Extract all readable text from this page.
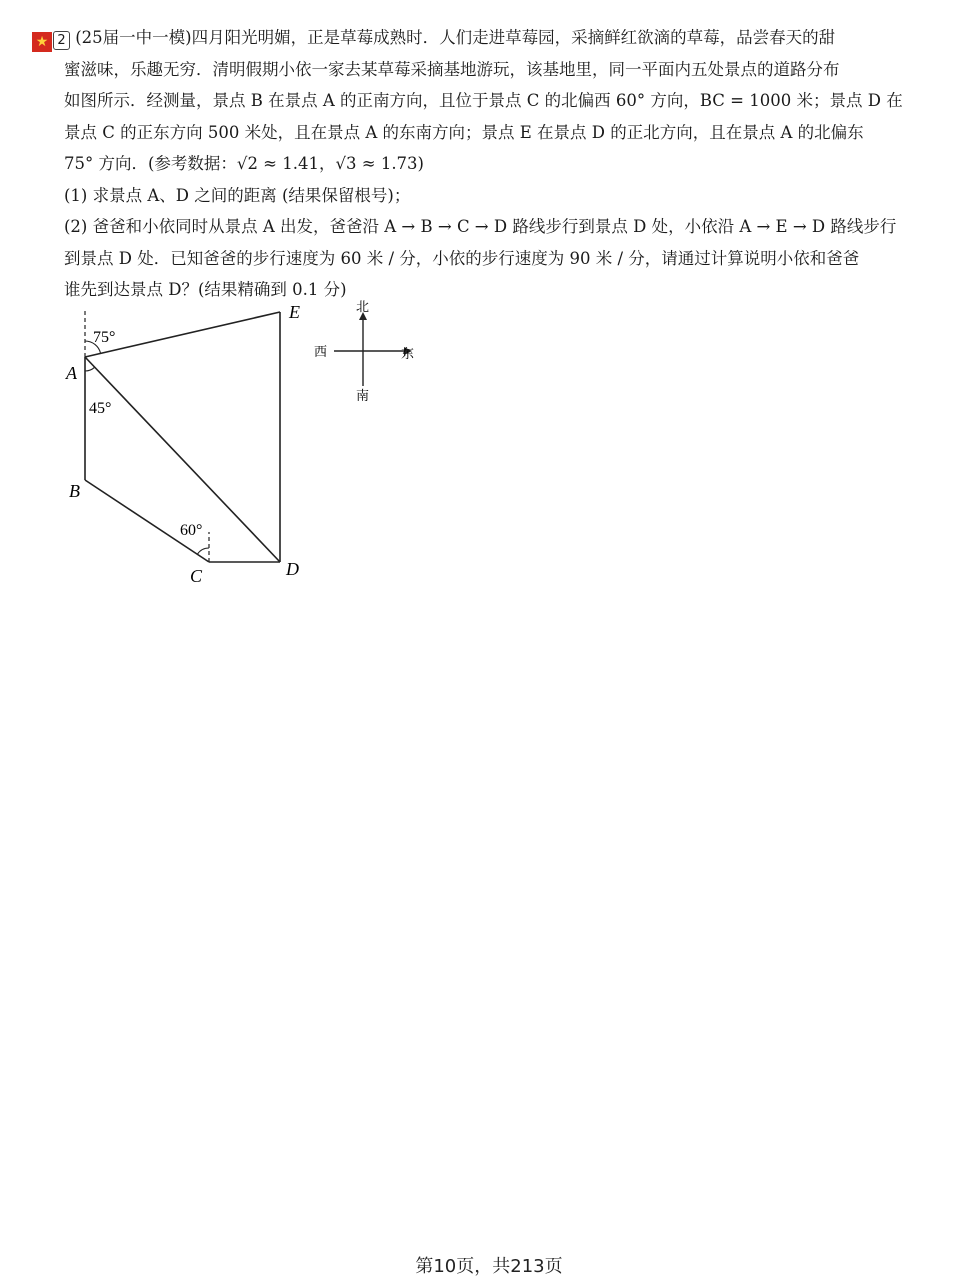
★ 2 (25届一中一模)四月阳光明媚，正是草莓成熟时．人们走进草莓园，采摘鲜红欲滴的草莓，品尝春天的甜
蜜滋味，乐趣无穷．清明假期小依一家去某草莓采摘基地游玩，该基地里，同一平面内五处景点的道路分布
如图所示．经测量，景点 B 在景点 A 的正南方向，且位于景点 C 的北偏西 60° 方向，BC = 1000 米；景点 D 在
景点 C 的正东方向 500 米处，且在景点 A 的东南方向；景点 E 在景点 D 的正北方向，且在景点 A 的北偏东
75° 方向．(参考数据：√2 ≈ 1.41，√3 ≈ 1.73)
(1) 求景点 A、D 之间的距离 (结果保留根号)；
(2) 爸爸和小依同时从景点 A 出发，爸爸沿 A → B → C → D 路线步行到景点 D 处，小依沿 A → E → D 路线步行
到景点 D 处．已知爸爸的步行速度为 60 米 / 分，小依的步行速度为 90 米 / 分，请通过计算说明小依和爸爸
谁先到达景点 D？(结果精确到 0.1 分)
75°
45°
60°
A
B
C	D
E	北
南
西	东
第10页，共213页
